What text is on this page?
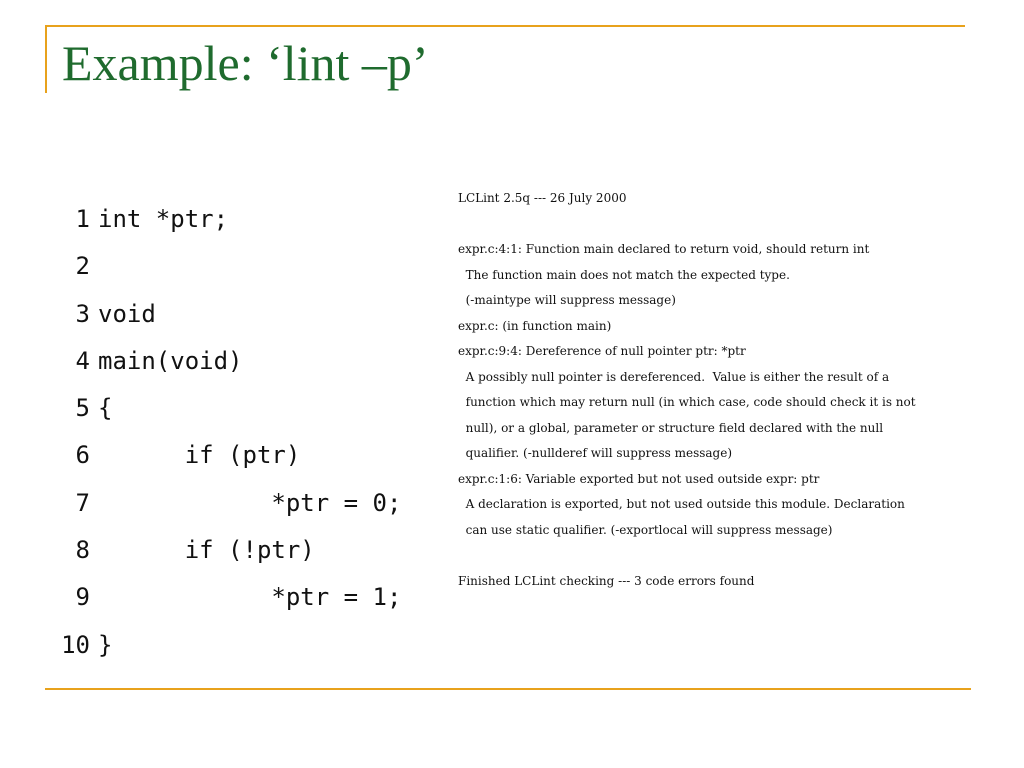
Example: ‘lint –p’
1 int *ptr;
2
3 void
4 main(void)
5 {
6 if (ptr)
7 *ptr = 0;
8 if (!ptr)
9 *ptr = 1;
10 }
LCLint 2.5q --- 26 July 2000
expr.c:4:1: Function main declared to return void, should return int
The function main does not match the expected type.
(-maintype will suppress message)
expr.c: (in function main)
expr.c:9:4: Dereference of null pointer ptr: *ptr
A possibly null pointer is dereferenced.  Value is either the result of a
function which may return null (in which case, code should check it is not
null), or a global, parameter or structure field declared with the null
qualifier. (-nullderef will suppress message)
expr.c:1:6: Variable exported but not used outside expr: ptr
A declaration is exported, but not used outside this module. Declaration
can use static qualifier. (-exportlocal will suppress message)
Finished LCLint checking --- 3 code errors found
